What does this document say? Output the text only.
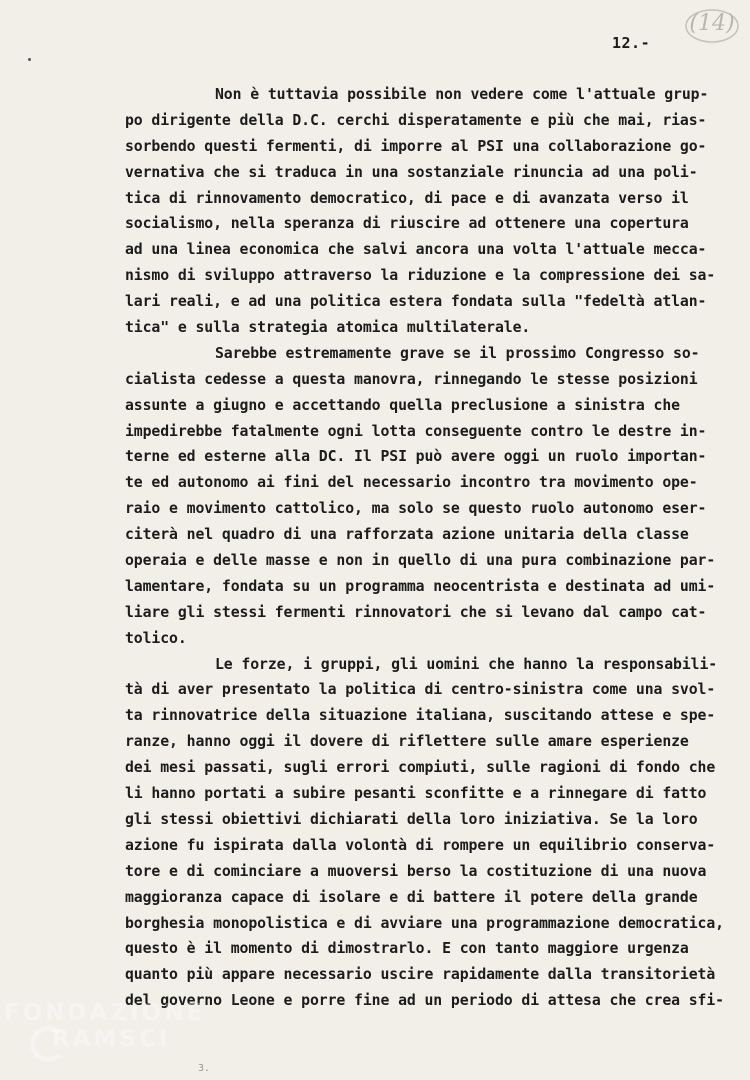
12.-
(14)
Non è tuttavia possibile non vedere come l'attuale grup-
po dirigente della D.C. cerchi disperatamente e più che mai, rias-
sorbendo questi fermenti, di imporre al PSI una collaborazione go-
vernativa che si traduca in una sostanziale rinuncia ad una poli-
tica di rinnovamento democratico, di pace e di avanzata verso il
socialismo, nella speranza di riuscire ad ottenere una copertura
ad una linea economica che salvi ancora una volta l'attuale mecca-
nismo di sviluppo attraverso la riduzione e la compressione dei sa-
lari reali, e ad una politica estera fondata sulla "fedeltà atlan-
tica" e sulla strategia atomica multilaterale.
Sarebbe estremamente grave se il prossimo Congresso so-
cialista cedesse a questa manovra, rinnegando le stesse posizioni
assunte a giugno e accettando quella preclusione a sinistra che
impedirebbe fatalmente ogni lotta conseguente contro le destre in-
terne ed esterne alla DC. Il PSI può avere oggi un ruolo importan-
te ed autonomo ai fini del necessario incontro tra movimento ope-
raio e movimento cattolico, ma solo se questo ruolo autonomo eser-
citerà nel quadro di una rafforzata azione unitaria della classe
operaia e delle masse e non in quello di una pura combinazione par-
lamentare, fondata su un programma neocentrista e destinata ad umi-
liare gli stessi fermenti rinnovatori che si levano dal campo cat-
tolico.
Le forze, i gruppi, gli uomini che hanno la responsabili-
tà di aver presentato la politica di centro-sinistra come una svol-
ta rinnovatrice della situazione italiana, suscitando attese e spe-
ranze, hanno oggi il dovere di riflettere sulle amare esperienze
dei mesi passati, sugli errori compiuti, sulle ragioni di fondo che
li hanno portati a subire pesanti sconfitte e a rinnegare di fatto
gli stessi obiettivi dichiarati della loro iniziativa. Se la loro
azione fu ispirata dalla volontà di rompere un equilibrio conserva-
tore e di cominciare a muoversi berso la costituzione di una nuova
maggioranza capace di isolare e di battere il potere della grande
borghesia monopolistica e di avviare una programmazione democratica,
questo è il momento di dimostrarlo. E con tanto maggiore urgenza
quanto più appare necessario uscire rapidamente dalla transitorietà
del governo Leone e porre fine ad un periodo di attesa che crea sfi-
FONDAZIONE
RAMSCI
3.
